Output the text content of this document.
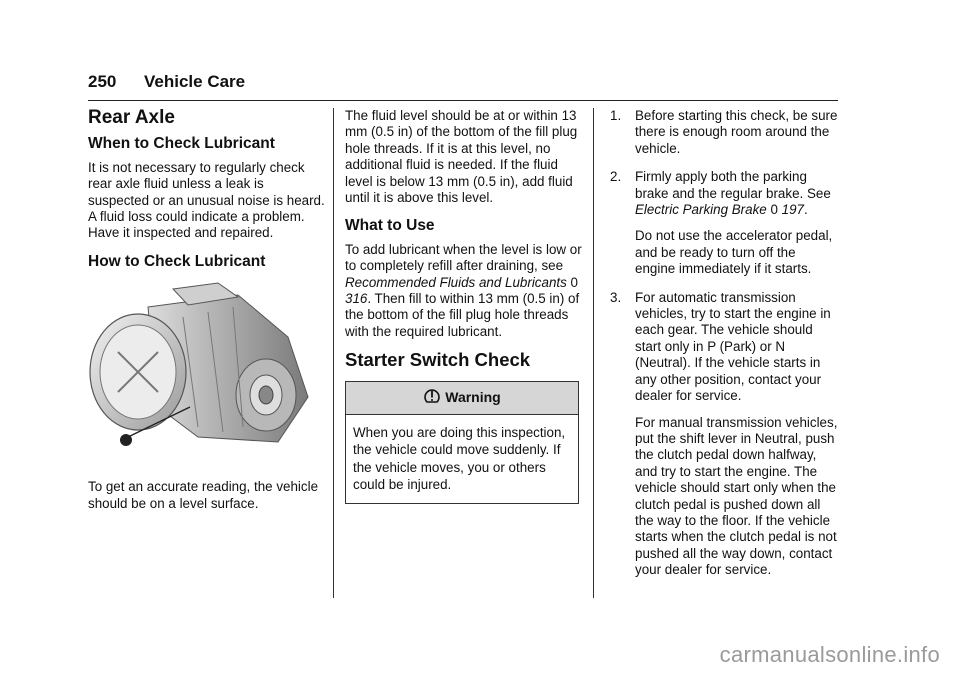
250 Vehicle Care
Rear Axle
When to Check Lubricant

It is not necessary to regularly check rear axle fluid unless a leak is suspected or an unusual noise is heard. A fluid loss could indicate a problem. Have it inspected and repaired.

How to Check Lubricant

To get an accurate reading, the vehicle should be on a level surface.

The fluid level should be at or within 13 mm (0.5 in) of the bottom of the fill plug hole threads. If it is at this level, no additional fluid is needed. If the fluid level is below 13 mm (0.5 in), add fluid until it is above this level.

What to Use

To add lubricant when the level is low or to completely refill after draining, see Recommended Fluids and Lubricants 0 316. Then fill to within 13 mm (0.5 in) of the bottom of the fill plug hole threads with the required lubricant.

Starter Switch Check
Warning
When you are doing this inspection, the vehicle could move suddenly. If the vehicle moves, you or others could be injured.
1. Before starting this check, be sure there is enough room around the vehicle.

2. Firmly apply both the parking brake and the regular brake. See Electric Parking Brake 0 197.

Do not use the accelerator pedal, and be ready to turn off the engine immediately if it starts.

3. For automatic transmission vehicles, try to start the engine in each gear. The vehicle should start only in P (Park) or N (Neutral). If the vehicle starts in any other position, contact your dealer for service.

For manual transmission vehicles, put the shift lever in Neutral, push the clutch pedal down halfway, and try to start the engine. The vehicle should start only when the clutch pedal is pushed down all the way to the floor. If the vehicle starts when the clutch pedal is not pushed all the way down, contact your dealer for service.

carmanualsonline.info
